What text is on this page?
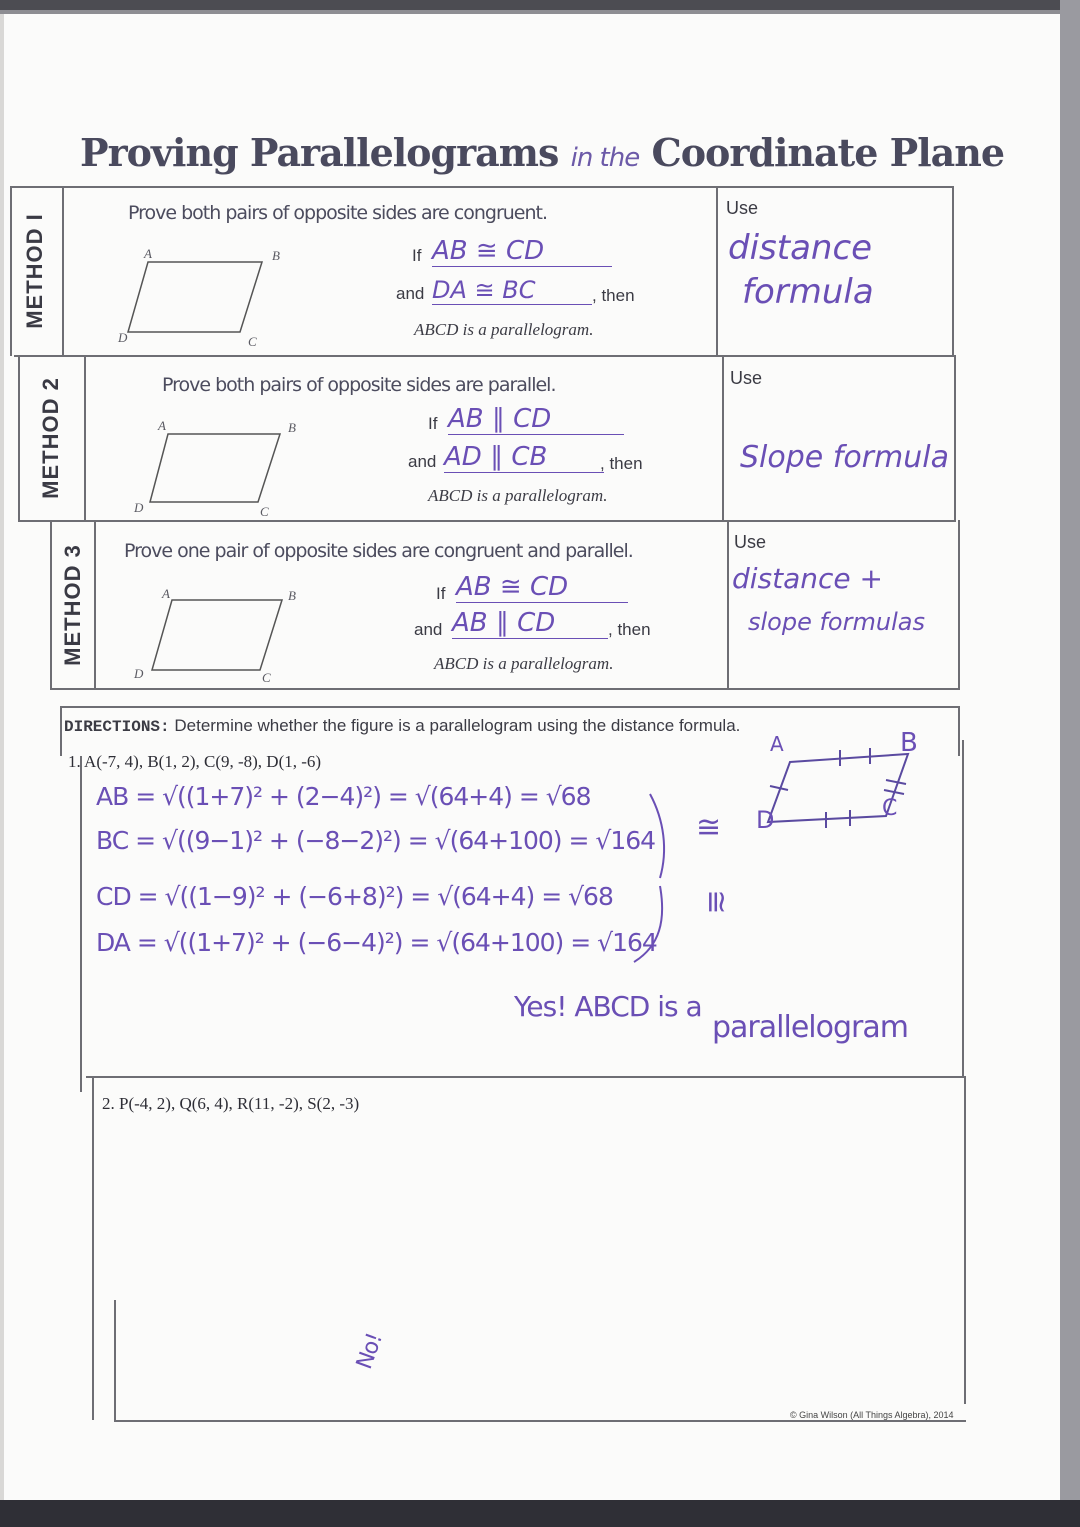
Proving Parallelograms in the Coordinate Plane
METHOD I
METHOD 2
METHOD 3
Prove both pairs of opposite sides are congruent.
A	B
C
D
If AB ≅ CD
and DA ≅ BC	, then
ABCD is a parallelogram.
Use
distance
formula
Prove both pairs of opposite sides are parallel.
A	B
C
D
If AB ∥ CD
and AD ∥ CB	, then
ABCD is a parallelogram.
Use
Slope formula
Prove one pair of opposite sides are congruent and parallel.
A	B
C
D
If AB ≅ CD
and AB ∥ CD	, then
ABCD is a parallelogram.
Use
distance +
slope formulas
DIRECTIONS: Determine whether the figure is a parallelogram using the distance formula.
1. A(-7, 4), B(1, 2), C(9, -8), D(1, -6)
AB = √((1+7)² + (2−4)²) = √(64+4) = √68
BC = √((9−1)² + (−8−2)²) = √(64+100) = √164
CD = √((1−9)² + (−6+8)²) = √(64+4) = √68
DA = √((1+7)² + (−6−4)²) = √(64+100) = √164
≅
≅
A	B
C
D
Yes! ABCD is a
parallelogram
2. P(-4, 2), Q(6, 4), R(11, -2), S(2, -3)
No!
© Gina Wilson (All Things Algebra), 2014
